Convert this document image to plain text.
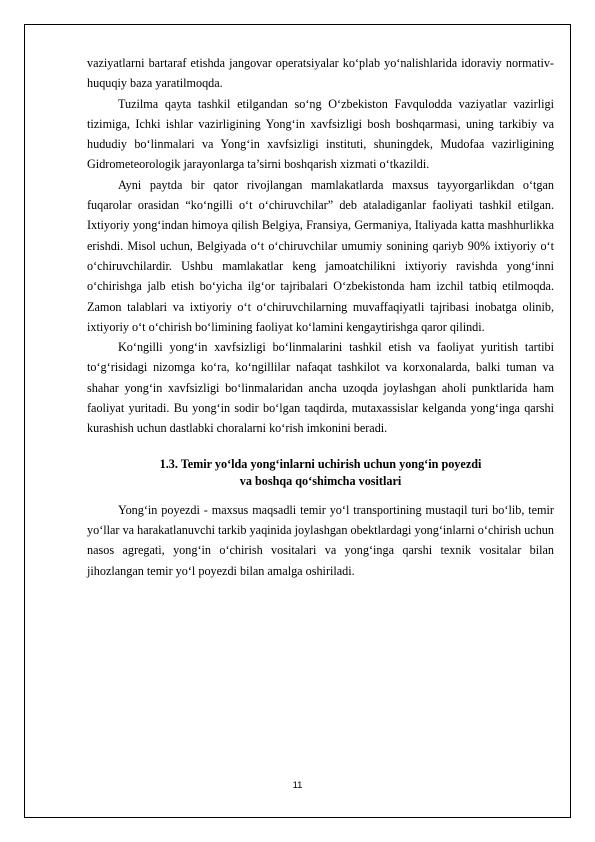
vaziyatlarni bartaraf etishda jangovar operatsiyalar ko‘plab yo‘nalishlarida idoraviy normativ-huquqiy baza yaratilmoqda.

Tuzilma qayta tashkil etilgandan so‘ng O‘zbekiston Favqulodda vaziyatlar vazirligi tizimiga, Ichki ishlar vazirligining Yong‘in xavfsizligi bosh boshqarmasi, uning tarkibiy va hududiy bo‘linmalari va Yong‘in xavfsizligi instituti, shuningdek, Mudofaa vazirligining Gidrometeorologik jarayonlarga ta’sirni boshqarish xizmati o‘tkazildi.

Ayni paytda bir qator rivojlangan mamlakatlarda maxsus tayyorgarlikdan o‘tgan fuqarolar orasidan “ko‘ngilli o‘t o‘chiruvchilar” deb ataladiganlar faoliyati tashkil etilgan. Ixtiyoriy yong‘indan himoya qilish Belgiya, Fransiya, Germaniya, Italiyada katta mashhurlikka erishdi. Misol uchun, Belgiyada o‘t o‘chiruvchilar umumiy sonining qariyb 90% ixtiyoriy o‘t o‘chiruvchilardir. Ushbu mamlakatlar keng jamoatchilikni ixtiyoriy ravishda yong‘inni o‘chirishga jalb etish bo‘yicha ilg‘or tajribalari O‘zbekistonda ham izchil tatbiq etilmoqda. Zamon talablari va ixtiyoriy o‘t o‘chiruvchilarning muvaffaqiyatli tajribasi inobatga olinib, ixtiyoriy o‘t o‘chirish bo‘limining faoliyat ko‘lamini kengaytirishga qaror qilindi.

Ko‘ngilli yong‘in xavfsizligi bo‘linmalarini tashkil etish va faoliyat yuritish tartibi to‘g‘risidagi nizomga ko‘ra, ko‘ngillilar nafaqat tashkilot va korxonalarda, balki tuman va shahar yong‘in xavfsizligi bo‘linmalaridan ancha uzoqda joylashgan aholi punktlarida ham faoliyat yuritadi. Bu yong‘in sodir bo‘lgan taqdirda, mutaxassislar kelganda yong‘inga qarshi kurashish uchun dastlabki choralarni ko‘rish imkonini beradi.

1.3. Temir yo‘lda yong‘inlarni uchirish uchun yong‘in poyezdi
va boshqa qo‘shimcha vositlari

Yong‘in poyezdi - maxsus maqsadli temir yo‘l transportining mustaqil turi bo‘lib, temir yo‘llar va harakatlanuvchi tarkib yaqinida joylashgan obektlardagi yong‘inlarni o‘chirish uchun nasos agregati, yong‘in o‘chirish vositalari va yong‘inga qarshi texnik vositalar bilan jihozlangan temir yo‘l poyezdi bilan amalga oshiriladi.

11
